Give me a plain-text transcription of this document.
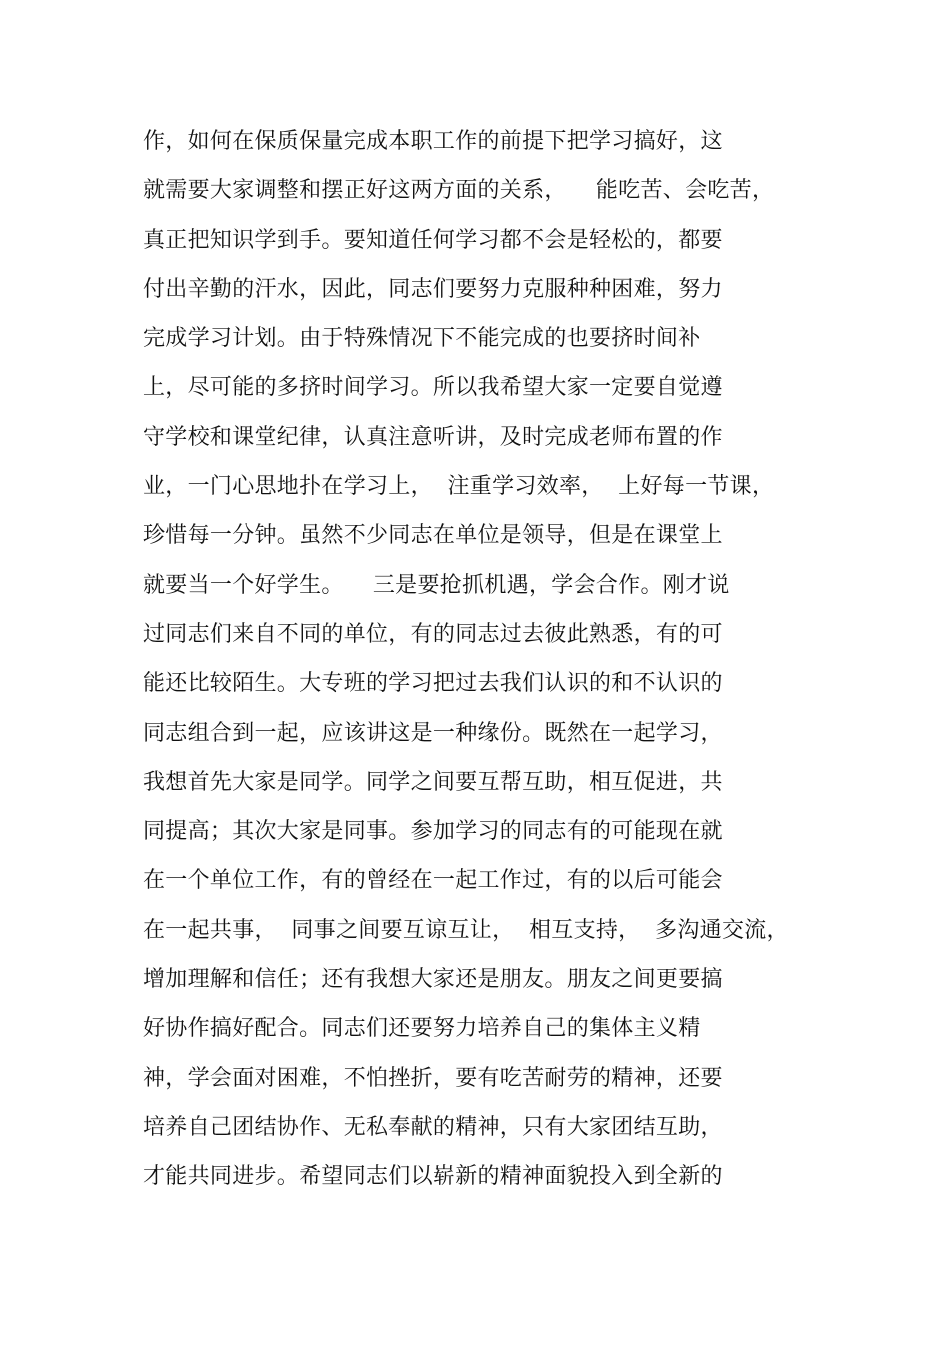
作，如何在保质保量完成本职工作的前提下把学习搞好，这
就需要大家调整和摆正好这两方面的关系，    能吃苦、会吃苦，
真正把知识学到手。要知道任何学习都不会是轻松的，都要
付出辛勤的汗水，因此，同志们要努力克服种种困难，努力
完成学习计划。由于特殊情况下不能完成的也要挤时间补
上，尽可能的多挤时间学习。所以我希望大家一定要自觉遵
守学校和课堂纪律，认真注意听讲，及时完成老师布置的作
业，一门心思地扑在学习上，  注重学习效率，  上好每一节课，
珍惜每一分钟。虽然不少同志在单位是领导，但是在课堂上
就要当一个好学生。    三是要抢抓机遇，学会合作。刚才说
过同志们来自不同的单位，有的同志过去彼此熟悉，有的可
能还比较陌生。大专班的学习把过去我们认识的和不认识的
同志组合到一起，应该讲这是一种缘份。既然在一起学习，
我想首先大家是同学。同学之间要互帮互助，相互促进，共
同提高；其次大家是同事。参加学习的同志有的可能现在就
在一个单位工作，有的曾经在一起工作过，有的以后可能会
在一起共事，  同事之间要互谅互让，  相互支持，  多沟通交流，
增加理解和信任；还有我想大家还是朋友。朋友之间更要搞
好协作搞好配合。同志们还要努力培养自己的集体主义精
神，学会面对困难，不怕挫折，要有吃苦耐劳的精神，还要
培养自己团结协作、无私奉献的精神，只有大家团结互助，
才能共同进步。希望同志们以崭新的精神面貌投入到全新的
